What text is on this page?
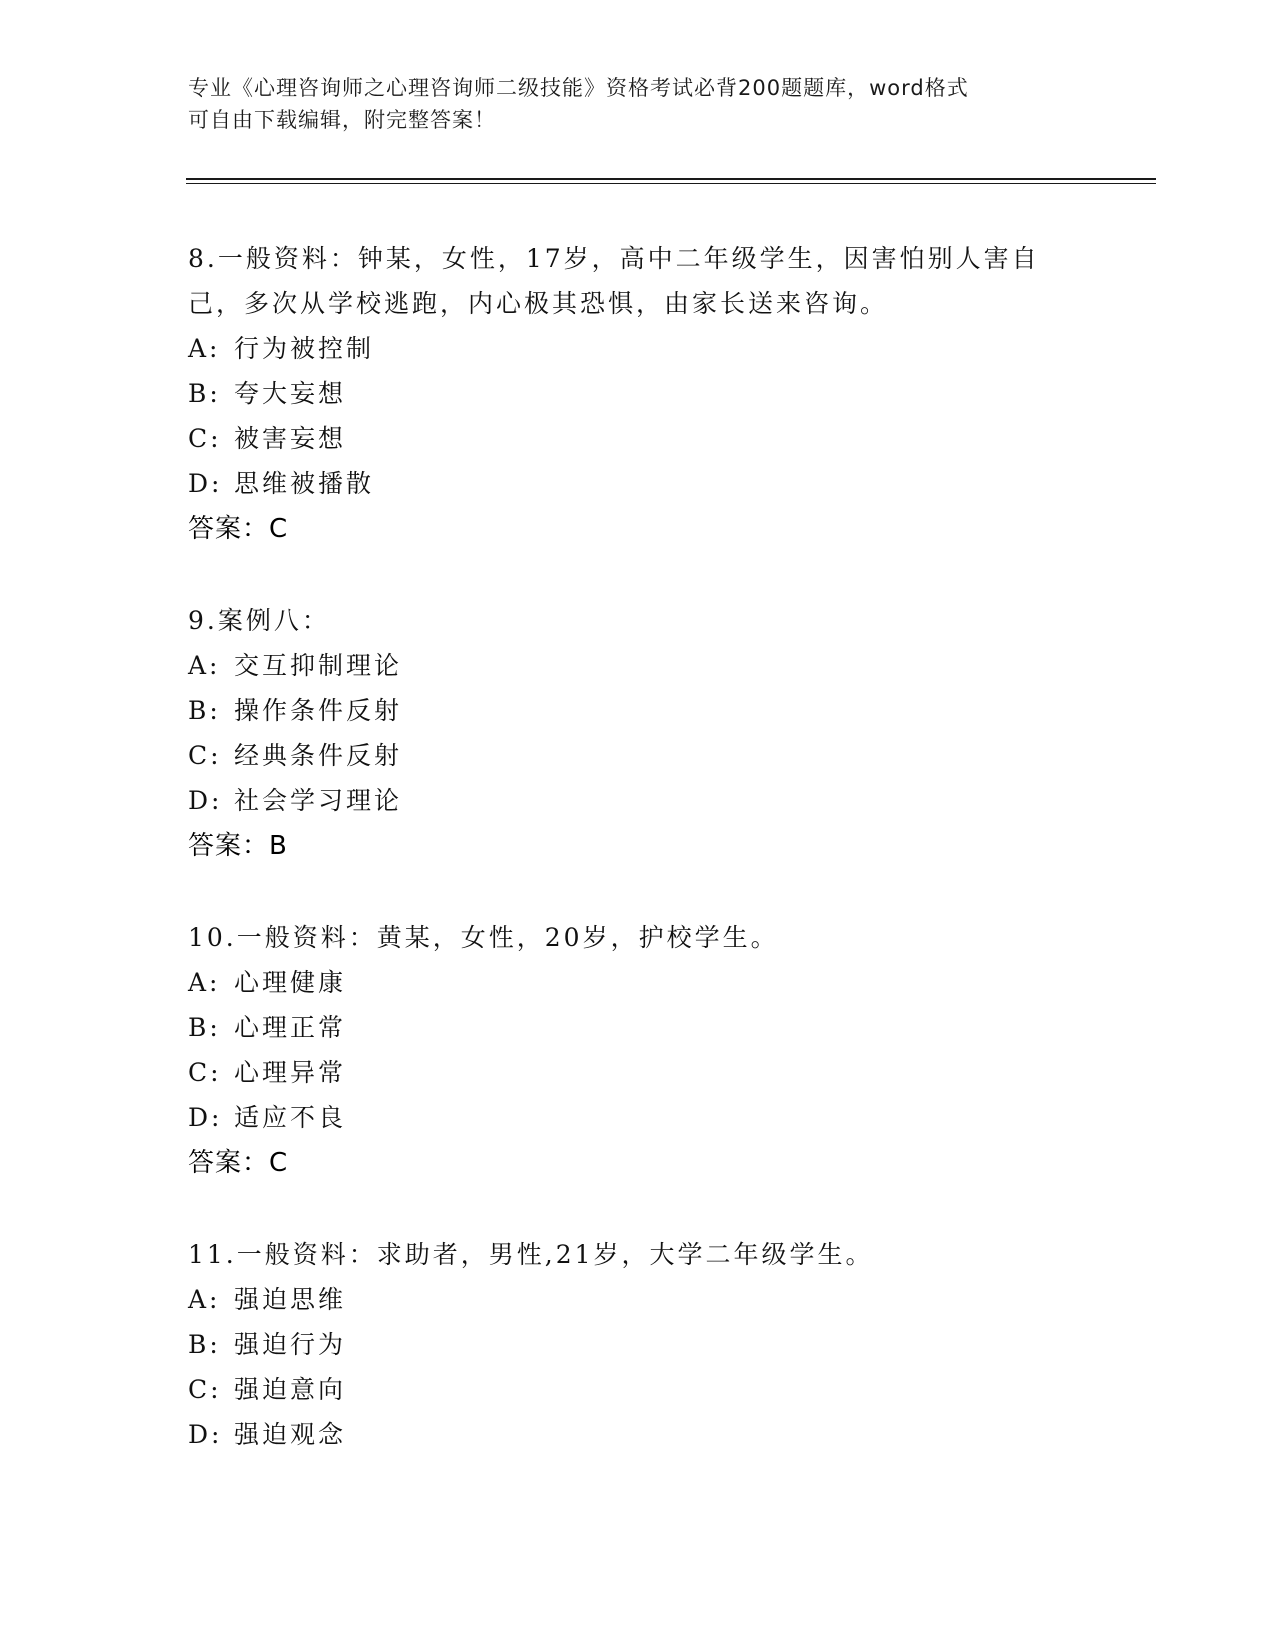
专业《心理咨询师之心理咨询师二级技能》资格考试必背200题题库，word格式
可自由下载编辑，附完整答案！
8.一般资料：钟某，女性，17岁，高中二年级学生，因害怕别人害自
己，多次从学校逃跑，内心极其恐惧，由家长送来咨询。
A: 行为被控制
B: 夸大妄想
C: 被害妄想
D: 思维被播散
答案：C
9.案例八：
A: 交互抑制理论
B: 操作条件反射
C: 经典条件反射
D: 社会学习理论
答案：B
10.一般资料：黄某，女性，20岁，护校学生。
A: 心理健康
B: 心理正常
C: 心理异常
D: 适应不良
答案：C
11.一般资料：求助者，男性,21岁，大学二年级学生。
A: 强迫思维
B: 强迫行为
C: 强迫意向
D: 强迫观念
